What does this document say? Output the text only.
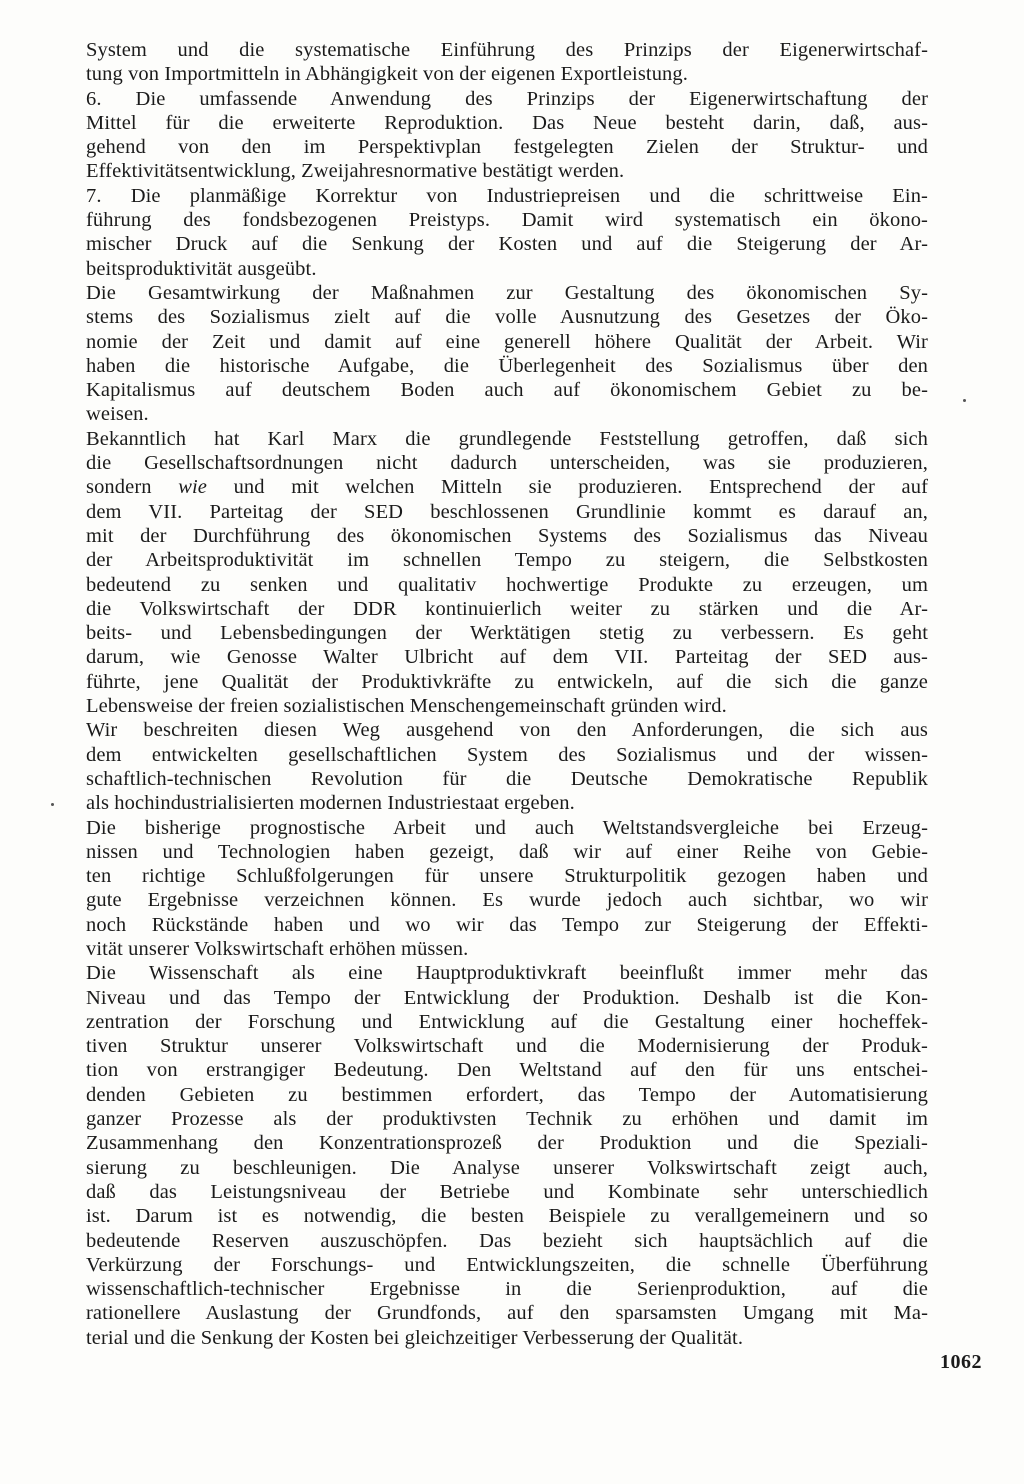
System und die systematische Einführung des Prinzips der Eigenerwirtschaf-
tung von Importmitteln in Abhängigkeit von der eigenen Exportleistung.
6. Die umfassende Anwendung des Prinzips der Eigenerwirtschaftung der
Mittel für die erweiterte Reproduktion. Das Neue besteht darin, daß, aus-
gehend von den im Perspektivplan festgelegten Zielen der Struktur- und
Effektivitätsentwicklung, Zweijahresnormative bestätigt werden.
7. Die planmäßige Korrektur von Industriepreisen und die schrittweise Ein-
führung des fondsbezogenen Preistyps. Damit wird systematisch ein ökono-
mischer Druck auf die Senkung der Kosten und auf die Steigerung der Ar-
beitsproduktivität ausgeübt.
Die Gesamtwirkung der Maßnahmen zur Gestaltung des ökonomischen Sy-
stems des Sozialismus zielt auf die volle Ausnutzung des Gesetzes der Öko-
nomie der Zeit und damit auf eine generell höhere Qualität der Arbeit. Wir
haben die historische Aufgabe, die Überlegenheit des Sozialismus über den
Kapitalismus auf deutschem Boden auch auf ökonomischem Gebiet zu be-
weisen.
Bekanntlich hat Karl Marx die grundlegende Feststellung getroffen, daß sich
die Gesellschaftsordnungen nicht dadurch unterscheiden, was sie produzieren,
sondern wie und mit welchen Mitteln sie produzieren. Entsprechend der auf
dem VII. Parteitag der SED beschlossenen Grundlinie kommt es darauf an,
mit der Durchführung des ökonomischen Systems des Sozialismus das Niveau
der Arbeitsproduktivität im schnellen Tempo zu steigern, die Selbstkosten
bedeutend zu senken und qualitativ hochwertige Produkte zu erzeugen, um
die Volkswirtschaft der DDR kontinuierlich weiter zu stärken und die Ar-
beits- und Lebensbedingungen der Werktätigen stetig zu verbessern. Es geht
darum, wie Genosse Walter Ulbricht auf dem VII. Parteitag der SED aus-
führte, jene Qualität der Produktivkräfte zu entwickeln, auf die sich die ganze
Lebensweise der freien sozialistischen Menschengemeinschaft gründen wird.
Wir beschreiten diesen Weg ausgehend von den Anforderungen, die sich aus
dem entwickelten gesellschaftlichen System des Sozialismus und der wissen-
schaftlich-technischen Revolution für die Deutsche Demokratische Republik
als hochindustrialisierten modernen Industriestaat ergeben.
Die bisherige prognostische Arbeit und auch Weltstandsvergleiche bei Erzeug-
nissen und Technologien haben gezeigt, daß wir auf einer Reihe von Gebie-
ten richtige Schlußfolgerungen für unsere Strukturpolitik gezogen haben und
gute Ergebnisse verzeichnen können. Es wurde jedoch auch sichtbar, wo wir
noch Rückstände haben und wo wir das Tempo zur Steigerung der Effekti-
vität unserer Volkswirtschaft erhöhen müssen.
Die Wissenschaft als eine Hauptproduktivkraft beeinflußt immer mehr das
Niveau und das Tempo der Entwicklung der Produktion. Deshalb ist die Kon-
zentration der Forschung und Entwicklung auf die Gestaltung einer hocheffek-
tiven Struktur unserer Volkswirtschaft und die Modernisierung der Produk-
tion von erstrangiger Bedeutung. Den Weltstand auf den für uns entschei-
denden Gebieten zu bestimmen erfordert, das Tempo der Automatisierung
ganzer Prozesse als der produktivsten Technik zu erhöhen und damit im
Zusammenhang den Konzentrationsprozeß der Produktion und die Speziali-
sierung zu beschleunigen. Die Analyse unserer Volkswirtschaft zeigt auch,
daß das Leistungsniveau der Betriebe und Kombinate sehr unterschiedlich
ist. Darum ist es notwendig, die besten Beispiele zu verallgemeinern und so
bedeutende Reserven auszuschöpfen. Das bezieht sich hauptsächlich auf die
Verkürzung der Forschungs- und Entwicklungszeiten, die schnelle Überführung
wissenschaftlich-technischer Ergebnisse in die Serienproduktion, auf die
rationellere Auslastung der Grundfonds, auf den sparsamsten Umgang mit Ma-
terial und die Senkung der Kosten bei gleichzeitiger Verbesserung der Qualität.
1062
